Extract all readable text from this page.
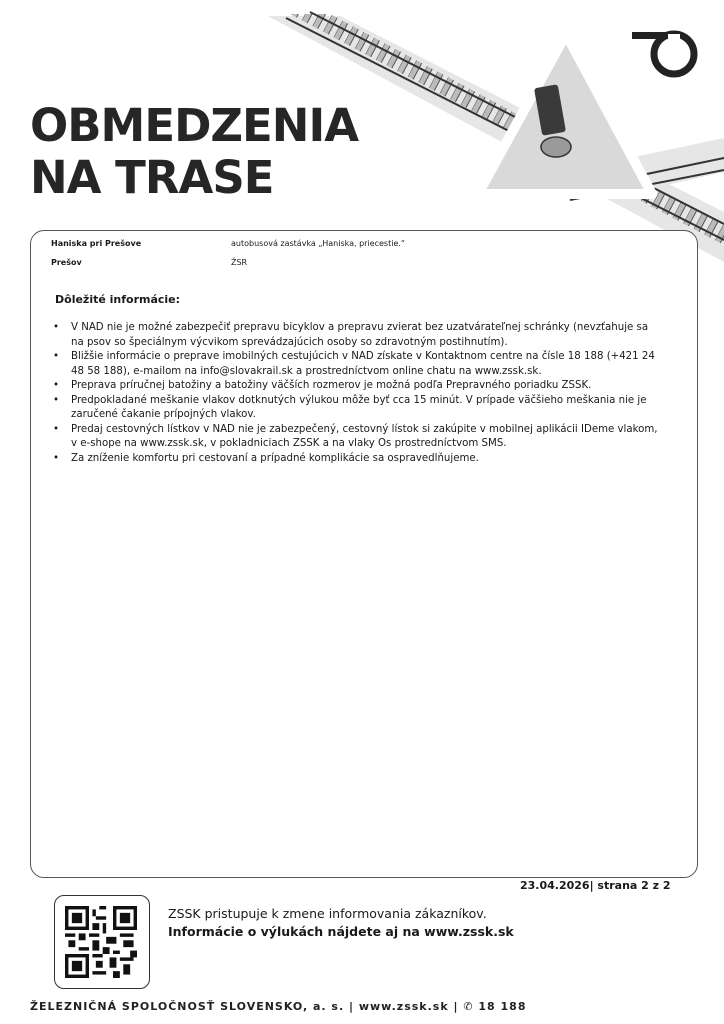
OBMEDZENIA
NA TRASE
Haniska pri Prešove	autobusová zastávka „Haniska, priecestie.“
Prešov	ŽSR
Dôležité informácie:
• V NAD nie je možné zabezpečiť prepravu bicyklov a prepravu zvierat bez uzatvárateľnej schránky (nevzťahuje sa na psov so špeciálnym výcvikom sprevádzajúcich osoby so zdravotným postihnutím).
• Bližšie informácie o preprave imobilných cestujúcich v NAD získate v Kontaktnom centre na čísle 18 188 (+421 24 48 58 188), e-mailom na info@slovakrail.sk a prostredníctvom online chatu na www.zssk.sk.
• Preprava príručnej batožiny a batožiny väčších rozmerov je možná podľa Prepravného poriadku ZSSK.
• Predpokladané meškanie vlakov dotknutých výlukou môže byť cca 15 minút. V prípade väčšieho meškania nie je zaručené čakanie prípojných vlakov.
• Predaj cestovných lístkov v NAD nie je zabezpečený, cestovný lístok si zakúpite v mobilnej aplikácii IDeme vlakom, v e-shope na www.zssk.sk, v pokladniciach ZSSK a na vlaky Os prostredníctvom SMS.
• Za zníženie komfortu pri cestovaní a prípadné komplikácie sa ospravedlňujeme.
23.04.2026| strana 2 z 2
ZSSK pristupuje k zmene informovania zákazníkov.
Informácie o výlukách nájdete aj na www.zssk.sk
ŽELEZNIČNÁ SPOLOČNOSŤ SLOVENSKO, a. s. | www.zssk.sk | ✆ 18 188
